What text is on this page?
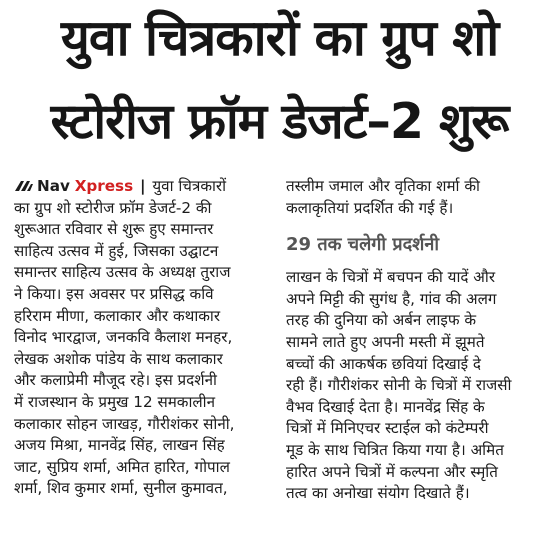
युवा चित्रकारों का ग्रुप शो
स्टोरीज फ्रॉम डेजर्ट–2 शुरू

Nav Xpress | युवा चित्रकारों
का ग्रुप शो स्टोरीज फ्रॉम डेजर्ट-2 की
शुरूआत रविवार से शुरू हुए समान्तर
साहित्य उत्सव में हुई, जिसका उद्घाटन
समान्तर साहित्य उत्सव के अध्यक्ष तुराज
ने किया। इस अवसर पर प्रसिद्ध कवि
हरिराम मीणा, कलाकार और कथाकार
विनोद भारद्वाज, जनकवि कैलाश मनहर,
लेखक अशोक पांडेय के साथ कलाकार
और कलाप्रेमी मौजूद रहे। इस प्रदर्शनी
में राजस्थान के प्रमुख 12 समकालीन
कलाकार सोहन जाखड़, गौरीशंकर सोनी,
अजय मिश्रा, मानवेंद्र सिंह, लाखन सिंह
जाट, सुप्रिय शर्मा, अमित हारित, गोपाल
शर्मा, शिव कुमार शर्मा, सुनील कुमावत,

तस्लीम जमाल और वृतिका शर्मा की
कलाकृतियां प्रदर्शित की गई हैं।

29 तक चलेगी प्रदर्शनी

लाखन के चित्रों में बचपन की यादें और
अपने मिट्टी की सुगंध है, गांव की अलग
तरह की दुनिया को अर्बन लाइफ के
सामने लाते हुए अपनी मस्ती में झूमते
बच्चों की आकर्षक छवियां दिखाई दे
रही हैं। गौरीशंकर सोनी के चित्रों में राजसी
वैभव दिखाई देता है। मानवेंद्र सिंह के
चित्रों में मिनिएचर स्टाईल को कंटेम्परी
मूड के साथ चित्रित किया गया है। अमित
हारित अपने चित्रों में कल्पना और स्मृति
तत्व का अनोखा संयोग दिखाते हैं।
